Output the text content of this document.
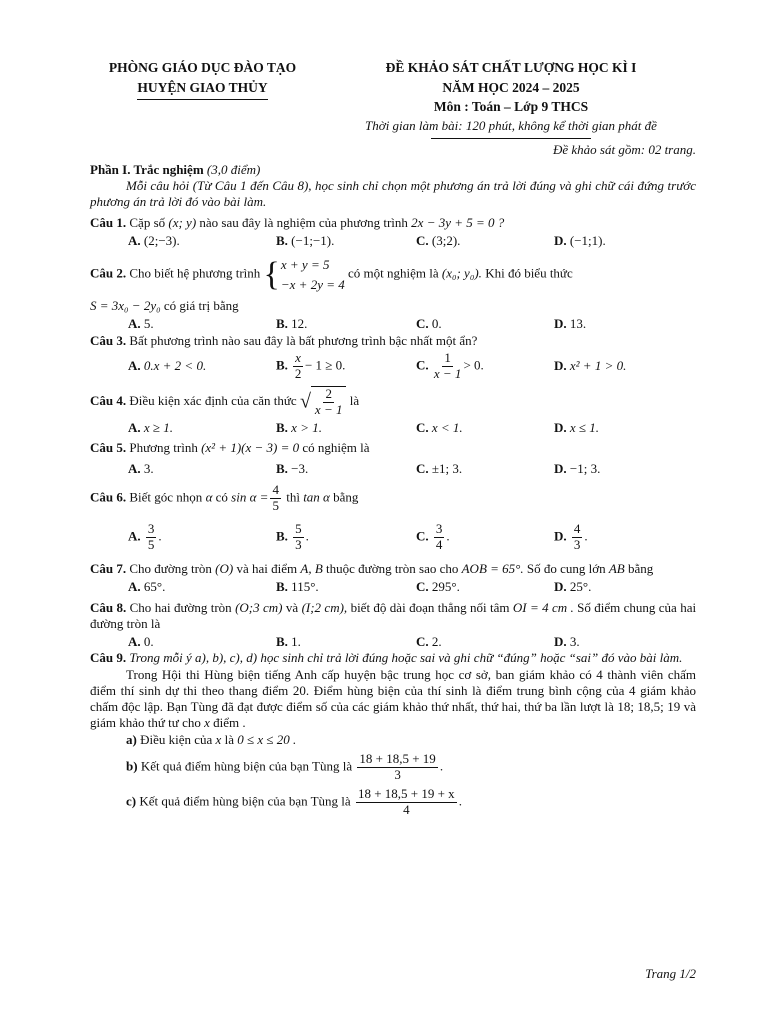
PHÒNG GIÁO DỤC ĐÀO TẠO
HUYỆN GIAO THỦY
ĐỀ KHẢO SÁT CHẤT LƯỢNG HỌC KÌ I
NĂM HỌC 2024 – 2025
Môn : Toán – Lớp 9 THCS
Thời gian làm bài: 120 phút, không kể thời gian phát đề
Đề khảo sát gồm: 02 trang.

Phần I. Trắc nghiệm (3,0 điểm)

Mỗi câu hỏi (Từ Câu 1 đến Câu 8), học sinh chỉ chọn một phương án trả lời đúng và ghi chữ cái đứng trước phương án trả lời đó vào bài làm.

Câu 1. Cặp số (x; y) nào sau đây là nghiệm của phương trình 2x − 3y + 5 = 0 ?

A. (2;−3).	B. (−1;−1).	C. (3;2).	D. (−1;1).

Câu 2. Cho biết hệ phương trình {x + y = 5
−x + 2y = 4 có một nghiệm là (x₀; y₀). Khi đó biểu thức

S = 3x₀ − 2y₀ có giá trị bằng

A. 5.	B. 12.	C. 0.	D. 13.

Câu 3. Bất phương trình nào sau đây là bất phương trình bậc nhất một ẩn?

A. 0.x + 2 < 0.	B. $\frac{x}{2} - 1 \ge 0$.	C. $\frac{1}{x - 1} > 0$.	D. x² + 1 > 0.

Câu 4. Điều kiện xác định của căn thức √ $\frac{2}{x - 1}$ là

A. x ≥ 1.	B. x > 1.	C. x < 1.	D. x ≤ 1.

Câu 5. Phương trình (x² + 1)(x − 3) = 0 có nghiệm là

A. 3.	B. −3.	C. ±1; 3.	D. −1; 3.

Câu 6. Biết góc nhọn α có $\sin \alpha = \frac{4}{5}$ thì tan α bằng

A. $\frac{3}{5}$ .	B. $\frac{5}{3}$ .	C. $\frac{3}{4}$ .	D. $\frac{4}{3}$ .

Câu 7. Cho đường tròn (O) và hai điểm A, B thuộc đường tròn sao cho AOB = 65°. Số đo cung lớn AB bằng

A. 65°.	B. 115°.	C. 295°.	D. 25°.

Câu 8. Cho hai đường tròn (O;3 cm) và (I;2 cm), biết độ dài đoạn thẳng nối tâm OI = 4 cm . Số điểm chung của hai đường tròn là

A. 0.	B. 1.	C. 2.	D. 3.

Câu 9. Trong mỗi ý a), b), c), d) học sinh chỉ trả lời đúng hoặc sai và ghi chữ “đúng” hoặc “sai” đó vào bài làm.

Trong Hội thi Hùng biện tiếng Anh cấp huyện bậc trung học cơ sở, ban giám khảo có 4 thành viên chấm điểm thí sinh dự thi theo thang điểm 20. Điểm hùng biện của thí sinh là điểm trung bình cộng của 4 giám khảo chấm độc lập. Bạn Tùng đã đạt được điểm số của các giám khảo thứ nhất, thứ hai, thứ ba lần lượt là 18; 18,5; 19 và giám khảo thứ tư cho x điểm .

a) Điều kiện của x là 0 ≤ x ≤ 20 .

b) Kết quả điểm hùng biện của bạn Tùng là $\frac{18 + 18,5 + 19}{3}$ .

c) Kết quả điểm hùng biện của bạn Tùng là $\frac{18 + 18,5 + 19 + x}{4}$ .

Trang 1/2
